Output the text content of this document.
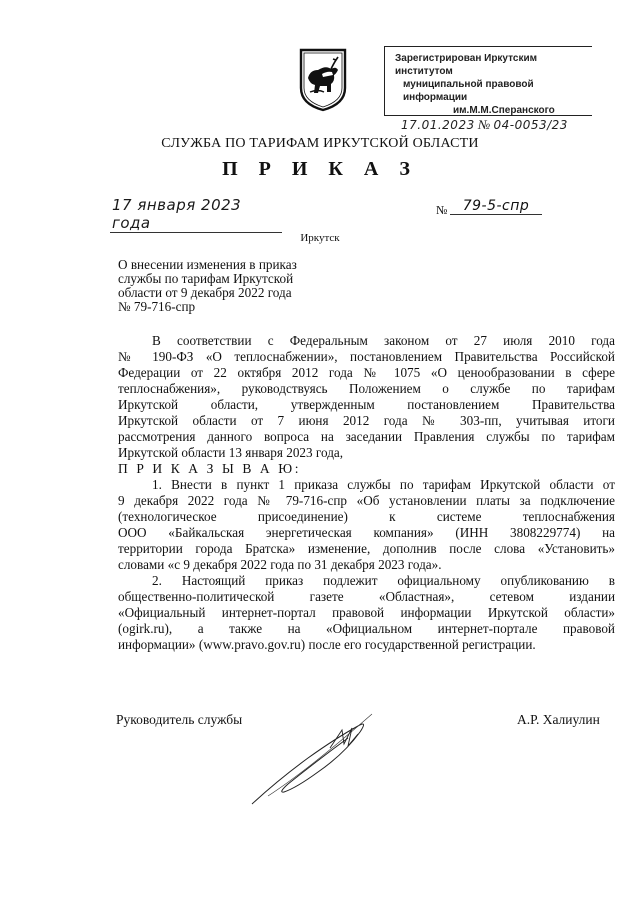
Зарегистрирован Иркутским институтом
муниципальной правовой информации
им.М.М.Сперанского
17.01.2023 № 04-0053/23
СЛУЖБА ПО ТАРИФАМ ИРКУТСКОЙ ОБЛАСТИ
П Р И К А З
17 января 2023 года
№	79-5-спр
Иркутск
О внесении изменения в приказ
службы по тарифам Иркутской
области от 9 декабря 2022 года
№ 79-716-спр
В соответствии с Федеральным законом от 27 июля 2010 года
№ 190-ФЗ «О теплоснабжении», постановлением Правительства Российской
Федерации от 22 октября 2012 года № 1075 «О ценообразовании в сфере
теплоснабжения», руководствуясь Положением о службе по тарифам
Иркутской области, утвержденным постановлением Правительства
Иркутской области от 7 июня 2012 года № 303-пп, учитывая итоги
рассмотрения данного вопроса на заседании Правления службы по тарифам
Иркутской области 13 января 2023 года,
П Р И К А З Ы В А Ю:
1. Внести в пункт 1 приказа службы по тарифам Иркутской области от
9 декабря 2022 года № 79-716-спр «Об установлении платы за подключение
(технологическое присоединение) к системе теплоснабжения
ООО «Байкальская энергетическая компания» (ИНН 3808229774) на
территории города Братска» изменение, дополнив после слова «Установить»
словами «с 9 декабря 2022 года по 31 декабря 2023 года».
2. Настоящий приказ подлежит официальному опубликованию в
общественно-политической газете «Областная», сетевом издании
«Официальный интернет-портал правовой информации Иркутской области»
(ogirk.ru), а также на «Официальном интернет-портале правовой
информации» (www.pravo.gov.ru) после его государственной регистрации.
Руководитель службы	А.Р. Халиулин
